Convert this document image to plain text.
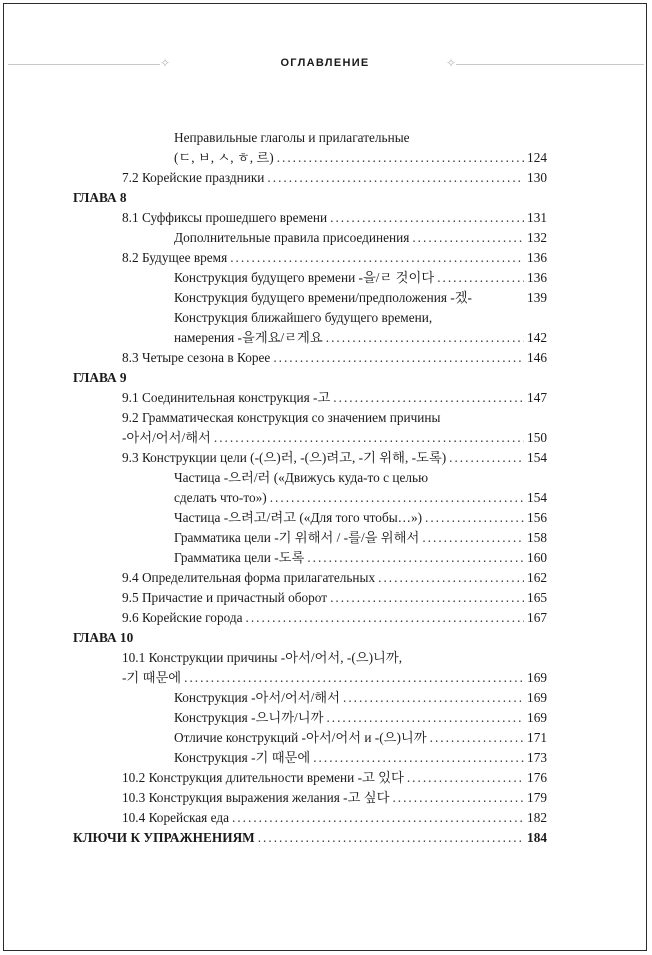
✧	ОГЛАВЛЕНИЕ	✧
Неправильные глаголы и прилагательные
(ㄷ, ㅂ, ㅅ, ㅎ, 르) .....	124
7.2 Корейские праздники .....	130
ГЛАВА 8
8.1 Суффиксы прошедшего времени .....	131
Дополнительные правила присоединения .....	132
8.2 Будущее время .....	136
Конструкция будущего времени -을/ㄹ 것이다 .....	136
Конструкция будущего времени/предположения -겠-	139
Конструкция ближайшего будущего времени,
намерения -을게요/ㄹ게요 .....	142
8.3 Четыре сезона в Корее .....	146
ГЛАВА 9
9.1 Соединительная конструкция -고 .....	147
9.2 Грамматическая конструкция со значением причины
-아서/어서/해서 .....	150
9.3 Конструкции цели (-(으)러, -(으)려고, -기 위해, -도록) .....	154
Частица -으러/러 («Движусь куда-то с целью
сделать что-то») .....	154
Частица -으려고/려고 («Для того чтобы…») .....	156
Грамматика цели -기 위해서 / -를/을 위해서 .....	158
Грамматика цели -도록 .....	160
9.4 Определительная форма прилагательных .....	162
9.5 Причастие и причастный оборот .....	165
9.6 Корейские города .....	167
ГЛАВА 10
10.1 Конструкции причины -아서/어서, -(으)니까,
-기 때문에 .....	169
Конструкция -아서/어서/해서 .....	169
Конструкция -으니까/니까 .....	169
Отличие конструкций -아서/어서 и -(으)니까 .....	171
Конструкция -기 때문에 .....	173
10.2 Конструкция длительности времени -고 있다 .....	176
10.3 Конструкция выражения желания -고 싶다 .....	179
10.4 Корейская еда .....	182
КЛЮЧИ К УПРАЖНЕНИЯМ .....	184
